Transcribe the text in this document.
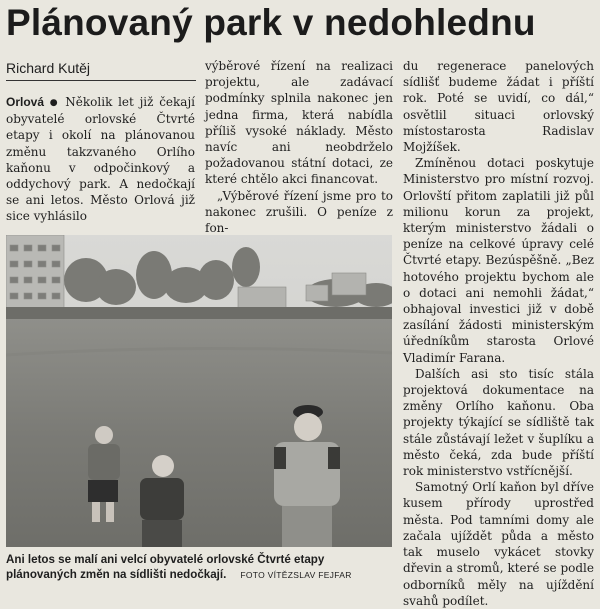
Plánovaný park v nedohlednu
Richard Kutěj

Orlová ● Několik let již čekají obyvatelé orlovské Čtvrté etapy i okolí na plánovanou změnu takzvaného Orlího kaňonu v odpočinkový a oddychový park. A nedočkají se ani letos. Město Orlová již sice vyhlásilo

výběrové řízení na realizaci projektu, ale zadávací podmínky splnila nakonec jen jedna firma, která nabídla příliš vysoké náklady. Město navíc ani neobdrželo požadovanou státní dotaci, ze které chtělo akci financovat.

„Výběrové řízení jsme pro to nakonec zrušili. O peníze z fon-

du regenerace panelových sídlišť budeme žádat i příští rok. Poté se uvidí, co dál,“ osvětlil situaci orlovský místostarosta Radislav Mojžíšek.

Zmíněnou dotaci poskytuje Ministerstvo pro místní rozvoj. Orlovští přitom zaplatili již půl milionu korun za projekt, kterým ministerstvo žádali o peníze na celkové úpravy celé Čtvrté etapy. Bezúspěšně. „Bez hotového projektu bychom ale o dotaci ani nemohli žádat,“ obhajoval investici již v době zasílání žádosti ministerským úředníkům starosta Orlové Vladimír Farana.

Dalších asi sto tisíc stála projektová dokumentace na změny Orlího kaňonu. Oba projekty týkající se sídliště tak stále zůstávají ležet v šuplíku a město čeká, zda bude příští rok ministerstvo vstřícnější.

Samotný Orlí kaňon byl dříve kusem přírody uprostřed města. Pod tamními domy ale začala ujíždět půda a město tak muselo vykácet stovky dřevin a stromů, které se podle odborníků měly na ujíždění svahů podílet.

Ani letos se malí ani velcí obyvatelé orlovské Čtvrté etapy plánovaných změn na sídlišti nedočkají. FOTO VÍTĚZSLAV FEJFAR
